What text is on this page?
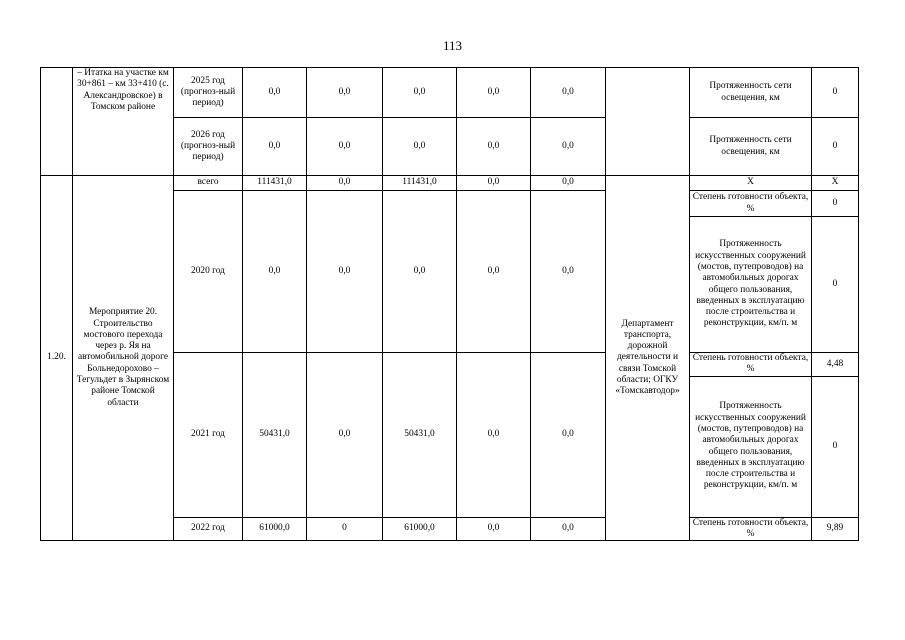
113
	– Итатка на участке км 30+861 – км 33+410 (с. Александровское) в Томском районе	2025 год (прогноз-ный период)	0,0	0,0	0,0	0,0	0,0		Протяженность сети освещения, км	0
		2026 год (прогноз-ный период)	0,0	0,0	0,0	0,0	0,0		Протяженность сети освещения, км	0
1.20.	Мероприятие 20. Строительство мостового перехода через р. Яя на автомобильной дороге Больнедорохово – Тегульдет в Зырянском районе Томской области	всего	111431,0	0,0	111431,0	0,0	0,0	Департамент транспорта, дорожной деятельности и связи Томской области; ОГКУ «Томскавтодор»	Х	Х
		2020 год	0,0	0,0	0,0	0,0	0,0		Степень готовности объекта, %	0
									Протяженность искусственных сооружений (мостов, путепроводов) на автомобильных дорогах общего пользования, введенных в эксплуатацию после строительства и реконструкции, км/п. м	0
		2021 год	50431,0	0,0	50431,0	0,0	0,0		Степень готовности объекта, %	4,48
									Протяженность искусственных сооружений (мостов, путепроводов) на автомобильных дорогах общего пользования, введенных в эксплуатацию после строительства и реконструкции, км/п. м	0
		2022 год	61000,0	0	61000,0	0,0	0,0		Степень готовности объекта, %	9,89
